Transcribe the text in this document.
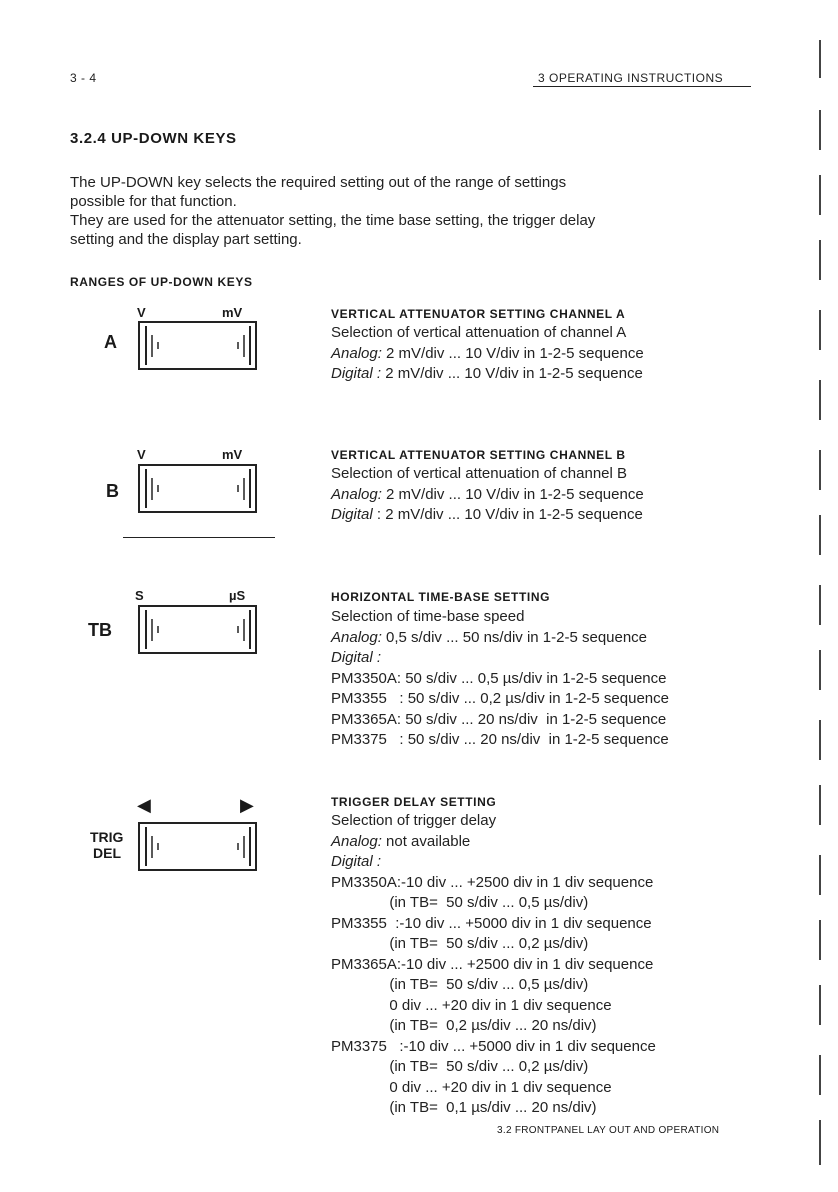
3 - 4	3 OPERATING INSTRUCTIONS
3.2.4 UP-DOWN KEYS
The UP-DOWN key selects the required setting out of the range of settings
possible for that function.
They are used for the attenuator setting, the time base setting, the trigger delay
setting and the display part setting.
RANGES OF UP-DOWN KEYS
V	mV
A
VERTICAL ATTENUATOR SETTING CHANNEL A
Selection of vertical attenuation of channel A
Analog: 2 mV/div ... 10 V/div in 1-2-5 sequence
Digital : 2 mV/div ... 10 V/div in 1-2-5 sequence
V	mV
B
VERTICAL ATTENUATOR SETTING CHANNEL B
Selection of vertical attenuation of channel B
Analog: 2 mV/div ... 10 V/div in 1-2-5 sequence
Digital : 2 mV/div ... 10 V/div in 1-2-5 sequence
S	µS
TB
HORIZONTAL TIME-BASE SETTING
Selection of time-base speed
Analog: 0,5 s/div ... 50 ns/div in 1-2-5 sequence
Digital :
PM3350A: 50 s/div ... 0,5 µs/div in 1-2-5 sequence
PM3355   : 50 s/div ... 0,2 µs/div in 1-2-5 sequence
PM3365A: 50 s/div ... 20 ns/div  in 1-2-5 sequence
PM3375   : 50 s/div ... 20 ns/div  in 1-2-5 sequence
◀	▶
TRIG
DEL
TRIGGER DELAY SETTING
Selection of trigger delay
Analog: not available
Digital :
PM3350A:-10 div ... +2500 div in 1 div sequence
(in TB=  50 s/div ... 0,5 µs/div)
PM3355  :-10 div ... +5000 div in 1 div sequence
(in TB=  50 s/div ... 0,2 µs/div)
PM3365A:-10 div ... +2500 div in 1 div sequence
(in TB=  50 s/div ... 0,5 µs/div)
0 div ... +20 div in 1 div sequence
(in TB=  0,2 µs/div ... 20 ns/div)
PM3375   :-10 div ... +5000 div in 1 div sequence
(in TB=  50 s/div ... 0,2 µs/div)
0 div ... +20 div in 1 div sequence
(in TB=  0,1 µs/div ... 20 ns/div)
3.2 FRONTPANEL LAY OUT AND OPERATION
